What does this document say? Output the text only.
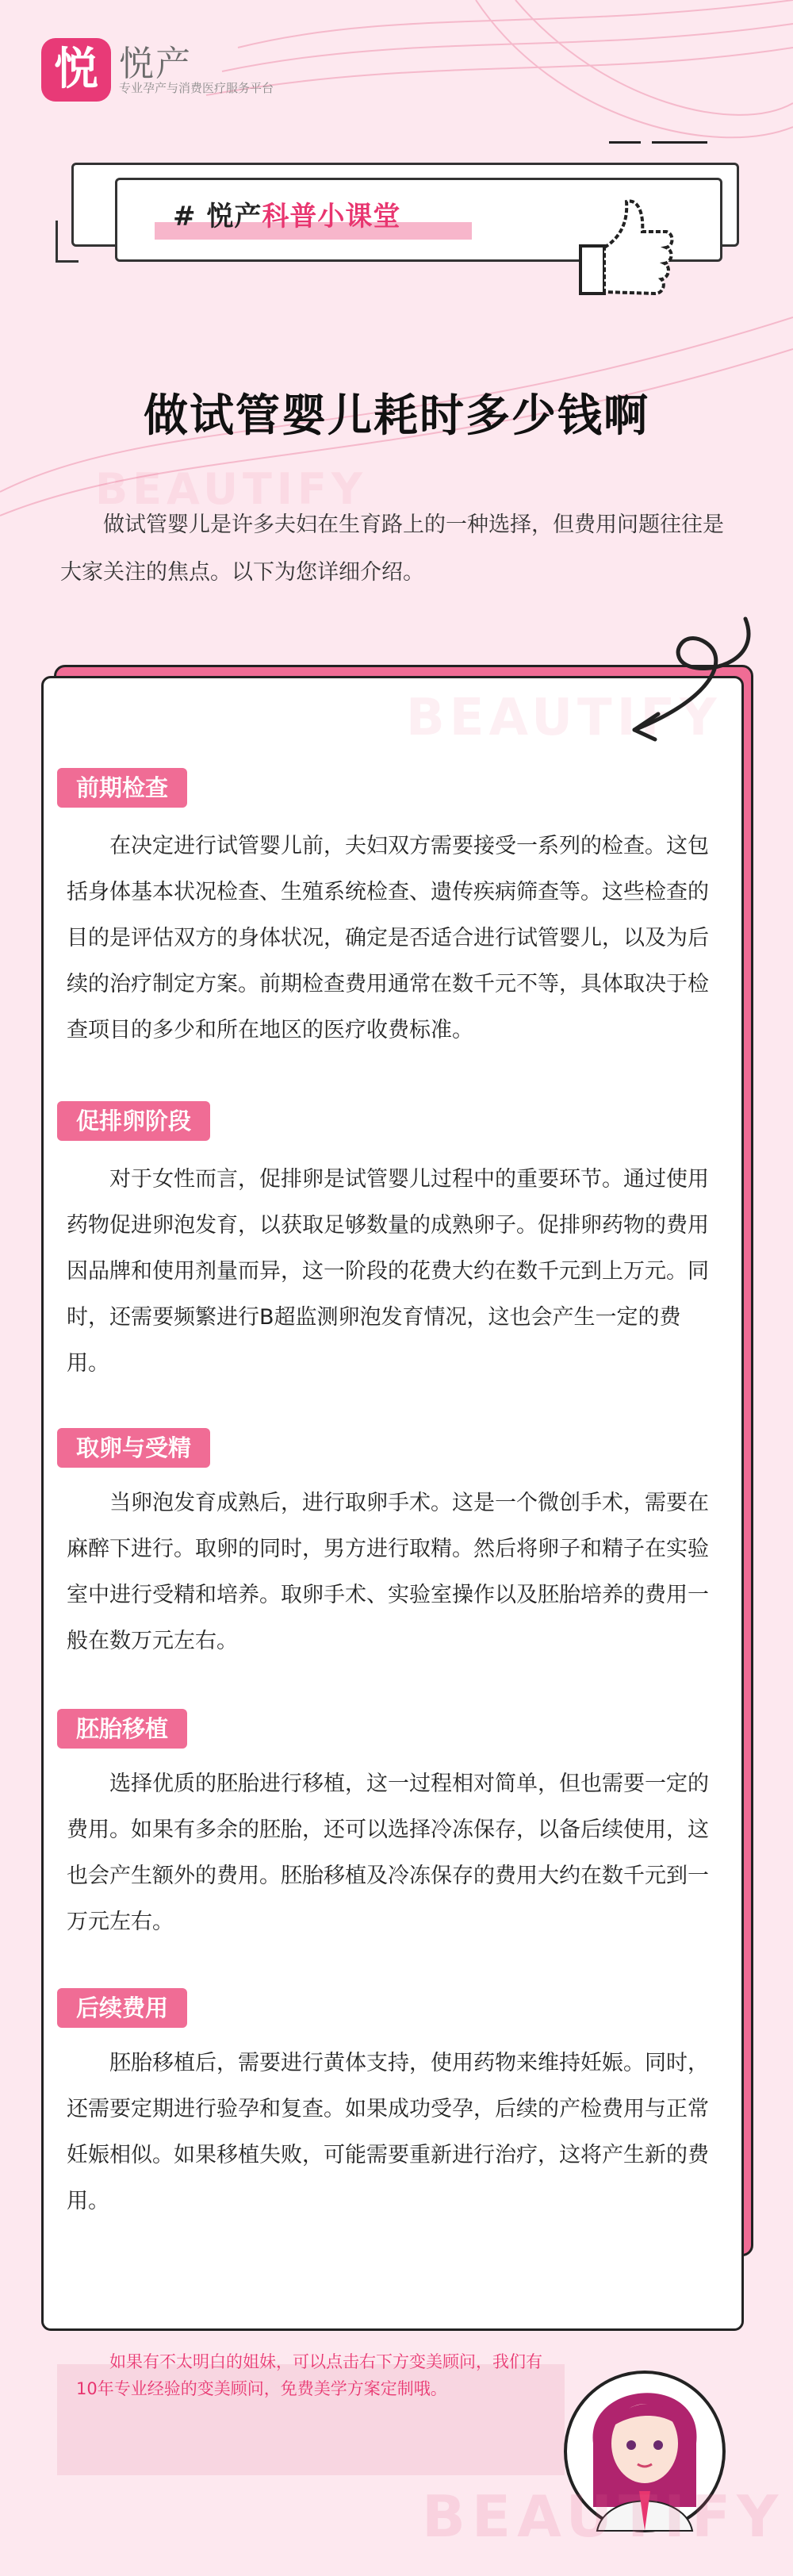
悦 悦产
专业孕产与消费医疗服务平台
# 悦产科普小课堂
做试管婴儿耗时多少钱啊
BEAUTIFY
做试管婴儿是许多夫妇在生育路上的一种选择，但费用问题往往是大家关注的焦点。以下为您详细介绍。
BEAUTIFY
前期检查
在决定进行试管婴儿前，夫妇双方需要接受一系列的检查。这包括身体基本状况检查、生殖系统检查、遗传疾病筛查等。这些检查的目的是评估双方的身体状况，确定是否适合进行试管婴儿，以及为后续的治疗制定方案。前期检查费用通常在数千元不等，具体取决于检查项目的多少和所在地区的医疗收费标准。
促排卵阶段
对于女性而言，促排卵是试管婴儿过程中的重要环节。通过使用药物促进卵泡发育，以获取足够数量的成熟卵子。促排卵药物的费用因品牌和使用剂量而异，这一阶段的花费大约在数千元到上万元。同时，还需要频繁进行B超监测卵泡发育情况，这也会产生一定的费用。
取卵与受精
当卵泡发育成熟后，进行取卵手术。这是一个微创手术，需要在麻醉下进行。取卵的同时，男方进行取精。然后将卵子和精子在实验室中进行受精和培养。取卵手术、实验室操作以及胚胎培养的费用一般在数万元左右。
胚胎移植
选择优质的胚胎进行移植，这一过程相对简单，但也需要一定的费用。如果有多余的胚胎，还可以选择冷冻保存，以备后续使用，这也会产生额外的费用。胚胎移植及冷冻保存的费用大约在数千元到一万元左右。
后续费用
胚胎移植后，需要进行黄体支持，使用药物来维持妊娠。同时，还需要定期进行验孕和复查。如果成功受孕，后续的产检费用与正常妊娠相似。如果移植失败，可能需要重新进行治疗，这将产生新的费用。
如果有不太明白的姐妹，可以点击右下方变美顾问，我们有10年专业经验的变美顾问，免费美学方案定制哦。
BEAUTIFY
